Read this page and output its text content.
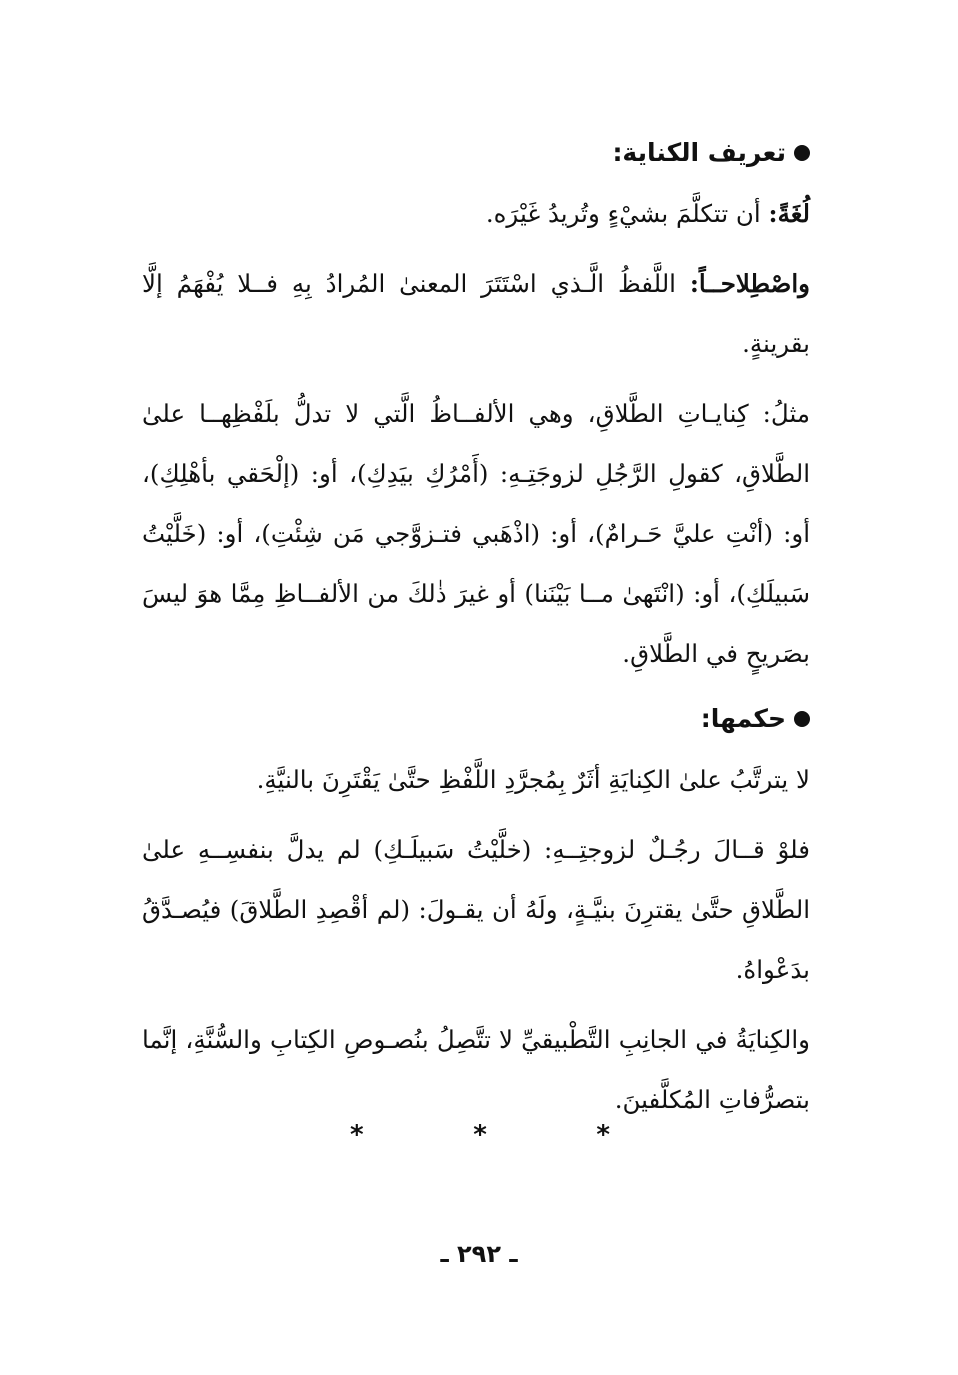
تعريف الكناية:

لُغَةً: أن تتكلَّمَ بشيْءٍ وتُريدُ غَيْرَه.

واصْطِلاحــاً: اللَّفظُ الَّـذي اسْتَتَرَ المعنىٰ المُرادُ بِهِ فــلا يُفْهَمُ إلَّا بقرينةٍ.

مثلُ: كِنايـاتِ الطَّلاقِ، وهي الألفــاظُ الَّتي لا تدلُّ بلَفْظِهــا علىٰ الطَّلاقِ، كقولِ الرَّجُلِ لزوجَتِـهِ: (أَمْرُكِ بيَدِكِ)، أو: (إلْحَقي بأهْلِكِ)، أو: (أنْتِ عليَّ حَـرامٌ)، أو: (اذْهَبي فتـزوَّجي مَن شِئْتِ)، أو: (خَلَّيْتُ سَبيلَكِ)، أو: (انْتَهىٰ مــا بَيْنَنا) أو غيرَ ذٰلكَ من الألفــاظِ مِمَّا هوَ ليسَ بصَريحٍ في الطَّلاقِ.

حكمها:

لا يترتَّبُ علىٰ الكِنايَةِ أثَرٌ بِمُجرَّدِ اللَّفْظِ حتَّىٰ يَقْتَرِنَ بالنيَّةِ.

فلوْ قــالَ رجُـلٌ لزوجتِــهِ: (خلَّيْتُ سَبيلَـكِ) لم يدلَّ بنفسِــهِ علىٰ الطَّلاقِ حتَّىٰ يقترِنَ بنيَّـةٍ، ولَهُ أن يقـولَ: (لم أقْصِدِ الطَّلاقَ) فيُصـدَّقُ بدَعْواهُ.

والكِنايَةُ في الجانِبِ التَّطْبيقيِّ لا تتَّصِلُ بنُصـوصِ الكِتابِ والسُّنَّةِ، إنَّما بتصرُّفاتِ المُكلَّفينَ.

*
*
*
ـ ٢٩٢ ـ
